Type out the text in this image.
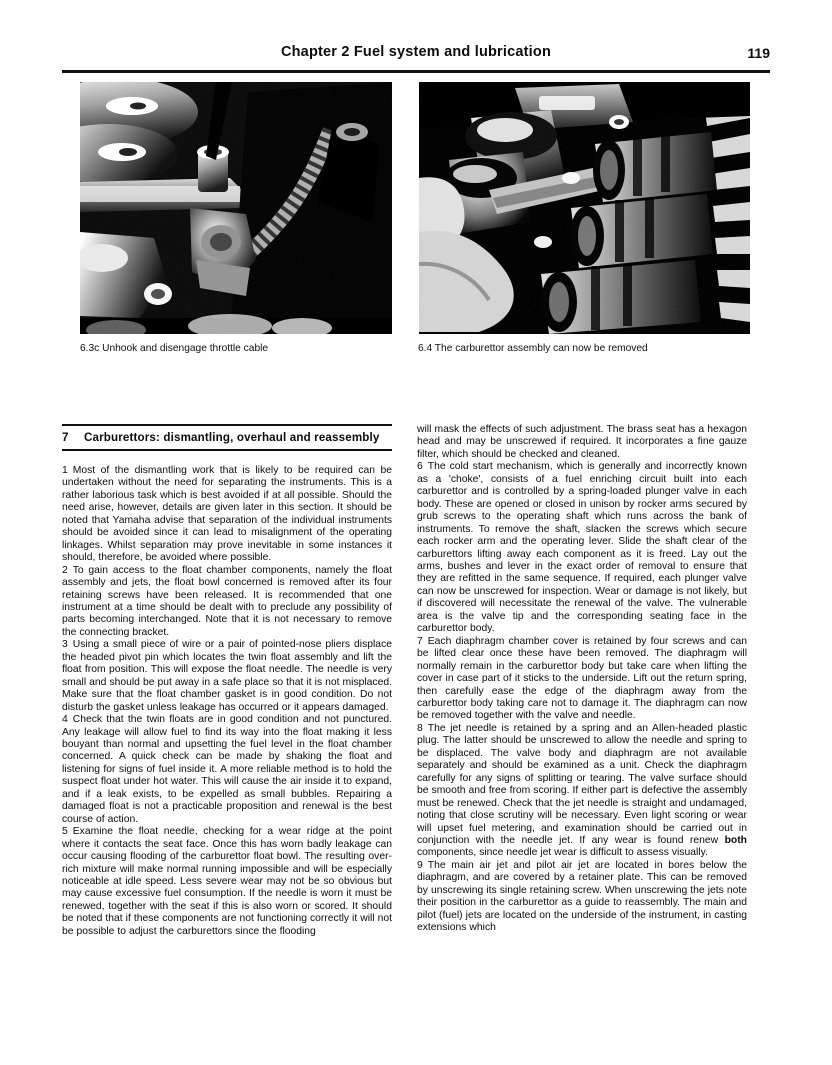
Chapter 2 Fuel system and lubrication	119
6.3c Unhook and disengage throttle cable	6.4 The carburettor assembly can now be removed
7	Carburettors: dismantling, overhaul and reassembly

1 Most of the dismantling work that is likely to be required can be undertaken without the need for separating the instruments. This is a rather laborious task which is best avoided if at all possible. Should the need arise, however, details are given later in this section. It should be noted that Yamaha advise that separation of the individual instruments should be avoided since it can lead to misalignment of the operating linkages. Whilst separation may prove inevitable in some instances it should, therefore, be avoided where possible.

2 To gain access to the float chamber components, namely the float assembly and jets, the float bowl concerned is removed after its four retaining screws have been released. It is recommended that one instrument at a time should be dealt with to preclude any possibility of parts becoming interchanged. Note that it is not necessary to remove the connecting bracket.

3 Using a small piece of wire or a pair of pointed-nose pliers displace the headed pivot pin which locates the twin float assembly and lift the float from position. This will expose the float needle. The needle is very small and should be put away in a safe place so that it is not misplaced. Make sure that the float chamber gasket is in good condition. Do not disturb the gasket unless leakage has occurred or it appears damaged.

4 Check that the twin floats are in good condition and not punctured. Any leakage will allow fuel to find its way into the float making it less bouyant than normal and upsetting the fuel level in the float chamber concerned. A quick check can be made by shaking the float and listening for signs of fuel inside it. A more reliable method is to hold the suspect float under hot water. This will cause the air inside it to expand, and if a leak exists, to be expelled as small bubbles. Repairing a damaged float is not a practicable proposition and renewal is the best course of action.

5 Examine the float needle, checking for a wear ridge at the point where it contacts the seat face. Once this has worn badly leakage can occur causing flooding of the carburettor float bowl. The resulting over-rich mixture will make normal running impossible and will be especially noticeable at idle speed. Less severe wear may not be so obvious but may cause excessive fuel consumption. If the needle is worn it must be renewed, together with the seat if this is also worn or scored. It should be noted that if these components are not functioning correctly it will not be possible to adjust the carburettors since the flooding

will mask the effects of such adjustment. The brass seat has a hexagon head and may be unscrewed if required. It incorporates a fine gauze filter, which should be checked and cleaned.

6 The cold start mechanism, which is generally and incorrectly known as a 'choke', consists of a fuel enriching circuit built into each carburettor and is controlled by a spring-loaded plunger valve in each body. These are opened or closed in unison by rocker arms secured by grub screws to the operating shaft which runs across the bank of instruments. To remove the shaft, slacken the screws which secure each rocker arm and the operating lever. Slide the shaft clear of the carburettors lifting away each component as it is freed. Lay out the arms, bushes and lever in the exact order of removal to ensure that they are refitted in the same sequence. If required, each plunger valve can now be unscrewed for inspection. Wear or damage is not likely, but if discovered will necessitate the renewal of the valve. The vulnerable area is the valve tip and the corresponding seating face in the carburettor body.

7 Each diaphragm chamber cover is retained by four screws and can be lifted clear once these have been removed. The diaphragm will normally remain in the carburettor body but take care when lifting the cover in case part of it sticks to the underside. Lift out the return spring, then carefully ease the edge of the diaphragm away from the carburettor body taking care not to damage it. The diaphragm can now be removed together with the valve and needle.

8 The jet needle is retained by a spring and an Allen-headed plastic plug. The latter should be unscrewed to allow the needle and spring to be displaced. The valve body and diaphragm are not available separately and should be examined as a unit. Check the diaphragm carefully for any signs of splitting or tearing. The valve surface should be smooth and free from scoring. If either part is defective the assembly must be renewed. Check that the jet needle is straight and undamaged, noting that close scrutiny will be necessary. Even light scoring or wear will upset fuel metering, and examination should be carried out in conjunction with the needle jet. If any wear is found renew both components, since needle jet wear is difficult to assess visually.

9 The main air jet and pilot air jet are located in bores below the diaphragm, and are covered by a retainer plate. This can be removed by unscrewing its single retaining screw. When unscrewing the jets note their position in the carburettor as a guide to reassembly. The main and pilot (fuel) jets are located on the underside of the instrument, in casting extensions which
